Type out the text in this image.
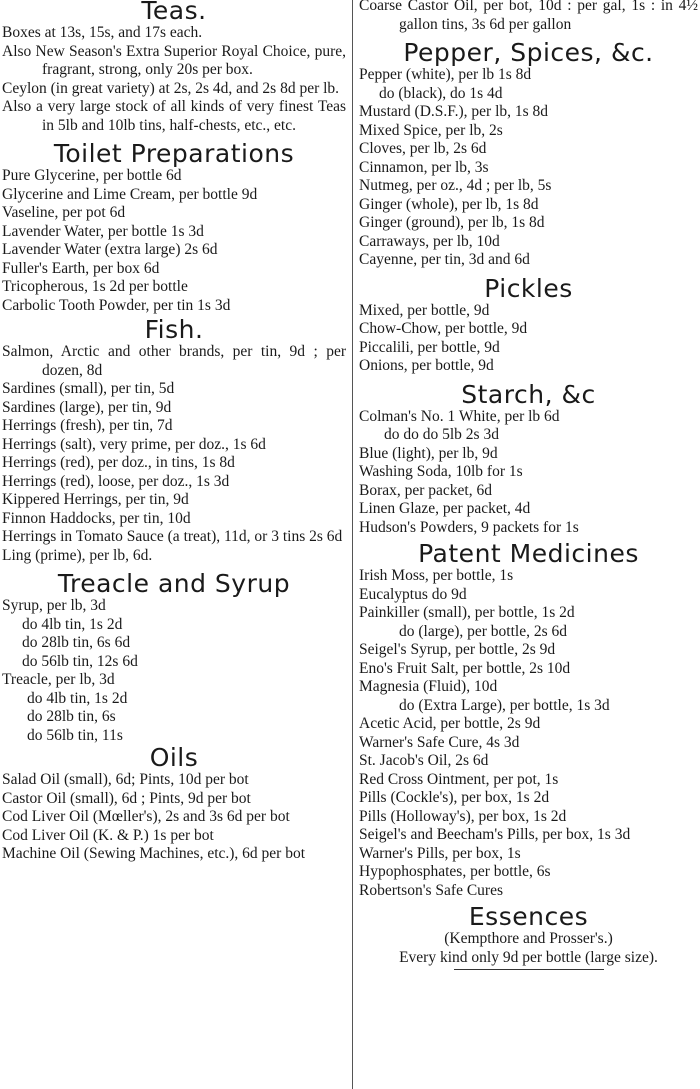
Teas.
Boxes at 13s, 15s, and 17s each.
Also New Season's Extra Superior Royal Choice, pure, fragrant, strong, only 20s per box.
Ceylon (in great variety) at 2s, 2s 4d, and 2s 8d per lb.
Also a very large stock of all kinds of very finest Teas in 5lb and 10lb tins, half-chests, etc., etc.
Toilet Preparations
Pure Glycerine, per bottle 6d
Glycerine and Lime Cream, per bottle 9d
Vaseline, per pot 6d
Lavender Water, per bottle 1s 3d
Lavender Water (extra large) 2s 6d
Fuller's Earth, per box 6d
Tricopherous, 1s 2d per bottle
Carbolic Tooth Powder, per tin 1s 3d
Fish.
Salmon, Arctic and other brands, per tin, 9d ; per dozen, 8d
Sardines (small), per tin, 5d
Sardines (large), per tin, 9d
Herrings (fresh), per tin, 7d
Herrings (salt), very prime, per doz., 1s 6d
Herrings (red), per doz., in tins, 1s 8d
Herrings (red), loose, per doz., 1s 3d
Kippered Herrings, per tin, 9d
Finnon Haddocks, per tin, 10d
Herrings in Tomato Sauce (a treat), 11d, or 3 tins 2s 6d
Ling (prime), per lb, 6d.
Treacle and Syrup
Syrup, per lb, 3d
do 4lb tin, 1s 2d
do 28lb tin, 6s 6d
do 56lb tin, 12s 6d
Treacle, per lb, 3d
do 4lb tin, 1s 2d
do 28lb tin, 6s
do 56lb tin, 11s
Oils
Salad Oil (small), 6d; Pints, 10d per bot
Castor Oil (small), 6d ; Pints, 9d per bot
Cod Liver Oil (Mœller's), 2s and 3s 6d per bot
Cod Liver Oil (K. & P.) 1s per bot
Machine Oil (Sewing Machines, etc.), 6d per bot
Coarse Castor Oil, per bot, 10d : per gal, 1s : in 4½ gallon tins, 3s 6d per gallon
Pepper, Spices, &c.
Pepper (white), per lb 1s 8d
do (black), do 1s 4d
Mustard (D.S.F.), per lb, 1s 8d
Mixed Spice, per lb, 2s
Cloves, per lb, 2s 6d
Cinnamon, per lb, 3s
Nutmeg, per oz., 4d ; per lb, 5s
Ginger (whole), per lb, 1s 8d
Ginger (ground), per lb, 1s 8d
Carraways, per lb, 10d
Cayenne, per tin, 3d and 6d
Pickles
Mixed, per bottle, 9d
Chow-Chow, per bottle, 9d
Piccalili, per bottle, 9d
Onions, per bottle, 9d
Starch, &c
Colman's No. 1 White, per lb 6d
do do do 5lb 2s 3d
Blue (light), per lb, 9d
Washing Soda, 10lb for 1s
Borax, per packet, 6d
Linen Glaze, per packet, 4d
Hudson's Powders, 9 packets for 1s
Patent Medicines
Irish Moss, per bottle, 1s
Eucalyptus do 9d
Painkiller (small), per bottle, 1s 2d
do (large), per bottle, 2s 6d
Seigel's Syrup, per bottle, 2s 9d
Eno's Fruit Salt, per bottle, 2s 10d
Magnesia (Fluid), 10d
do (Extra Large), per bottle, 1s 3d
Acetic Acid, per bottle, 2s 9d
Warner's Safe Cure, 4s 3d
St. Jacob's Oil, 2s 6d
Red Cross Ointment, per pot, 1s
Pills (Cockle's), per box, 1s 2d
Pills (Holloway's), per box, 1s 2d
Seigel's and Beecham's Pills, per box, 1s 3d
Warner's Pills, per box, 1s
Hypophosphates, per bottle, 6s
Robertson's Safe Cures
Essences

(Kempthore and Prosser's.)

Every kind only 9d per bottle (large size).
